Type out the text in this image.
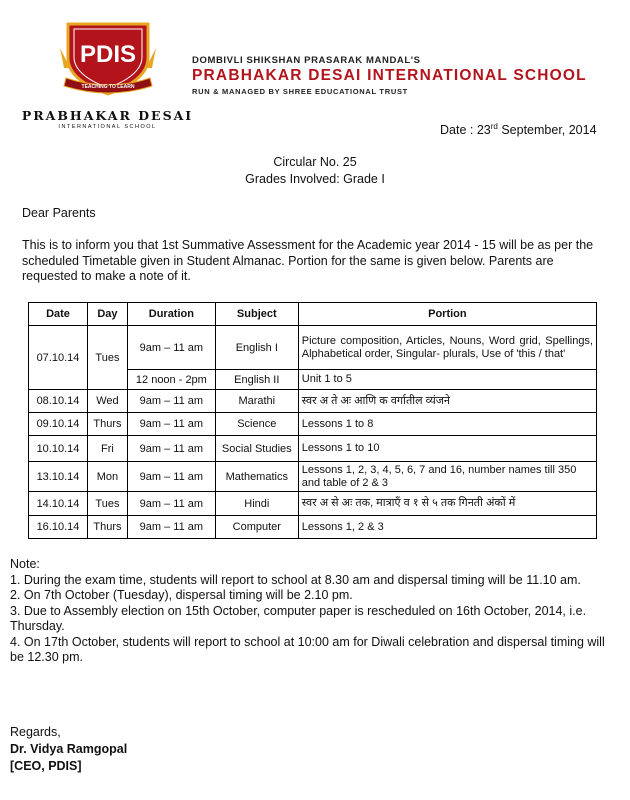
PDIS
TEACHING TO LEARN
PRABHAKAR DESAI
INTERNATIONAL SCHOOL
DOMBIVLI SHIKSHAN PRASARAK MANDAL'S
PRABHAKAR DESAI INTERNATIONAL SCHOOL
RUN & MANAGED BY SHREE EDUCATIONAL TRUST
Date : 23rd September, 2014
Circular No. 25
Grades Involved: Grade I
Dear Parents
This is to inform you that 1st Summative Assessment for the Academic year 2014 - 15 will be as per the scheduled Timetable given in Student Almanac. Portion for the same is given below. Parents are requested to make a note of it.
Date	Day	Duration	Subject	Portion
07.10.14	Tues	9am – 11 am	English I	Picture composition, Articles, Nouns, Word grid, Spellings, Alphabetical order, Singular- plurals, Use of 'this / that'
		12 noon - 2pm	English II	Unit 1 to 5
08.10.14	Wed	9am – 11 am	Marathi	स्वर अ ते अः आणि क वर्गातील व्यंजने
09.10.14	Thurs	9am – 11 am	Science	Lessons 1 to 8
10.10.14	Fri	9am – 11 am	Social Studies	Lessons 1 to 10
13.10.14	Mon	9am – 11 am	Mathematics	Lessons 1, 2, 3, 4, 5, 6, 7 and 16, number names till 350 and table of 2 & 3
14.10.14	Tues	9am – 11 am	Hindi	स्वर अ से अः तक, मात्राएँ व १ से ५ तक गिनती अंकों में
16.10.14	Thurs	9am – 11 am	Computer	Lessons 1, 2 & 3

Note:

1. During the exam time, students will report to school at 8.30 am and dispersal timing will be 11.10 am.

2. On 7th October (Tuesday), dispersal timing will be 2.10 pm.

3. Due to Assembly election on 15th October, computer paper is rescheduled on 16th October, 2014, i.e. Thursday.

4. On 17th October, students will report to school at 10:00 am for Diwali celebration and dispersal timing will be 12.30 pm.

Regards,
Dr. Vidya Ramgopal
[CEO, PDIS]
